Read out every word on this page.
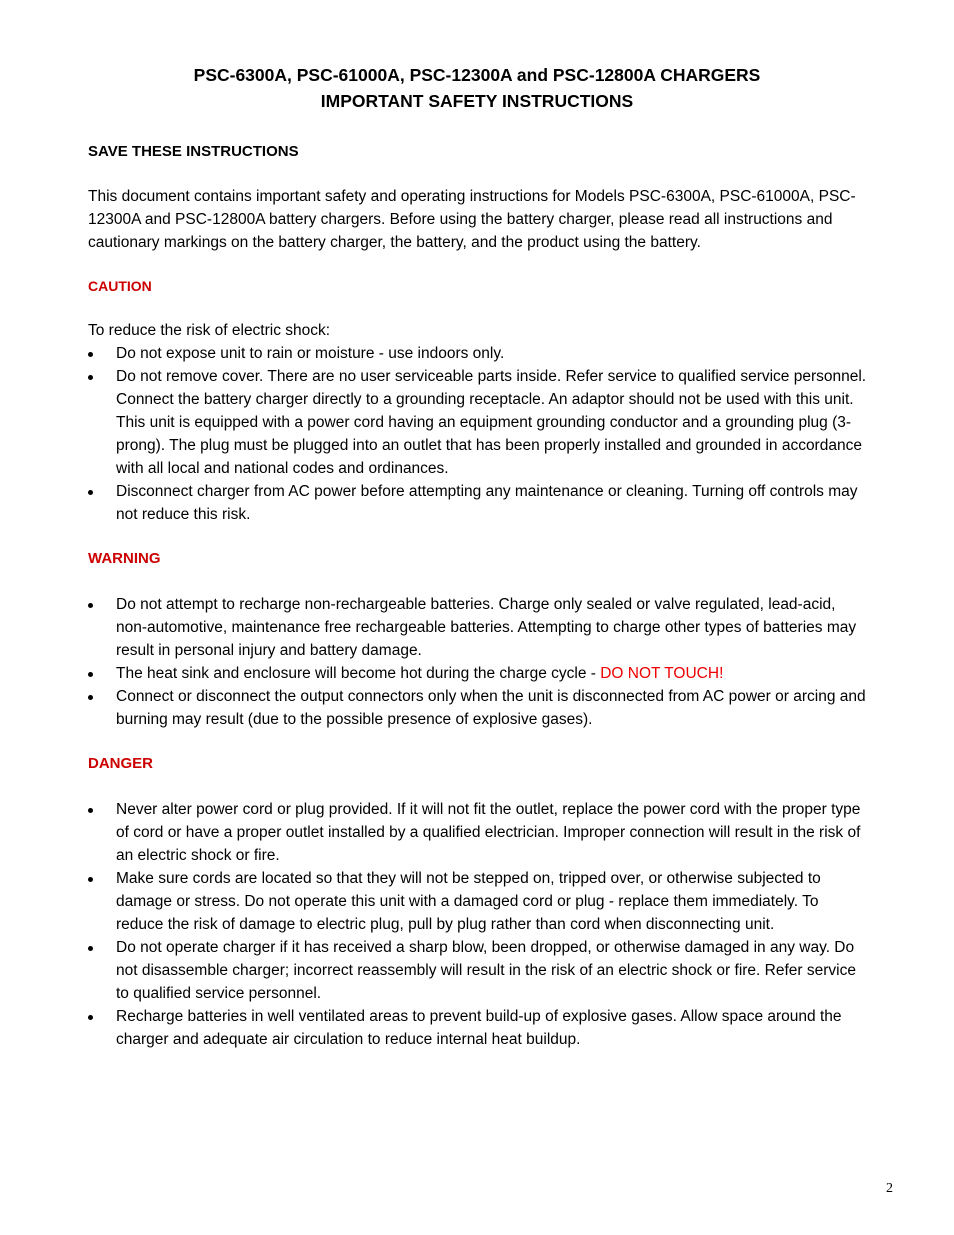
PSC-6300A, PSC-61000A, PSC-12300A and PSC-12800A CHARGERS
IMPORTANT SAFETY INSTRUCTIONS

SAVE THESE INSTRUCTIONS

This document contains important safety and operating instructions for Models PSC-6300A, PSC-61000A, PSC-12300A and PSC-12800A battery chargers. Before using the battery charger, please read all instructions and cautionary markings on the battery charger, the battery, and the product using the battery.

CAUTION

To reduce the risk of electric shock:

Do not expose unit to rain or moisture - use indoors only.
Do not remove cover. There are no user serviceable parts inside. Refer service to qualified service personnel. Connect the battery charger directly to a grounding receptacle. An adaptor should not be used with this unit. This unit is equipped with a power cord having an equipment grounding conductor and a grounding plug (3-prong). The plug must be plugged into an outlet that has been properly installed and grounded in accordance with all local and national codes and ordinances.
Disconnect charger from AC power before attempting any maintenance or cleaning. Turning off controls may not reduce this risk.

WARNING

Do not attempt to recharge non-rechargeable batteries. Charge only sealed or valve regulated, lead-acid, non-automotive, maintenance free rechargeable batteries. Attempting to charge other types of batteries may result in personal injury and battery damage.
The heat sink and enclosure will become hot during the charge cycle - DO NOT TOUCH!
Connect or disconnect the output connectors only when the unit is disconnected from AC power or arcing and burning may result (due to the possible presence of explosive gases).

DANGER

Never alter power cord or plug provided. If it will not fit the outlet, replace the power cord with the proper type of cord or have a proper outlet installed by a qualified electrician. Improper connection will result in the risk of an electric shock or fire.
Make sure cords are located so that they will not be stepped on, tripped over, or otherwise subjected to damage or stress. Do not operate this unit with a damaged cord or plug - replace them immediately. To reduce the risk of damage to electric plug, pull by plug rather than cord when disconnecting unit.
Do not operate charger if it has received a sharp blow, been dropped, or otherwise damaged in any way. Do not disassemble charger; incorrect reassembly will result in the risk of an electric shock or fire. Refer service to qualified service personnel.
Recharge batteries in well ventilated areas to prevent build-up of explosive gases. Allow space around the charger and adequate air circulation to reduce internal heat buildup.
2
